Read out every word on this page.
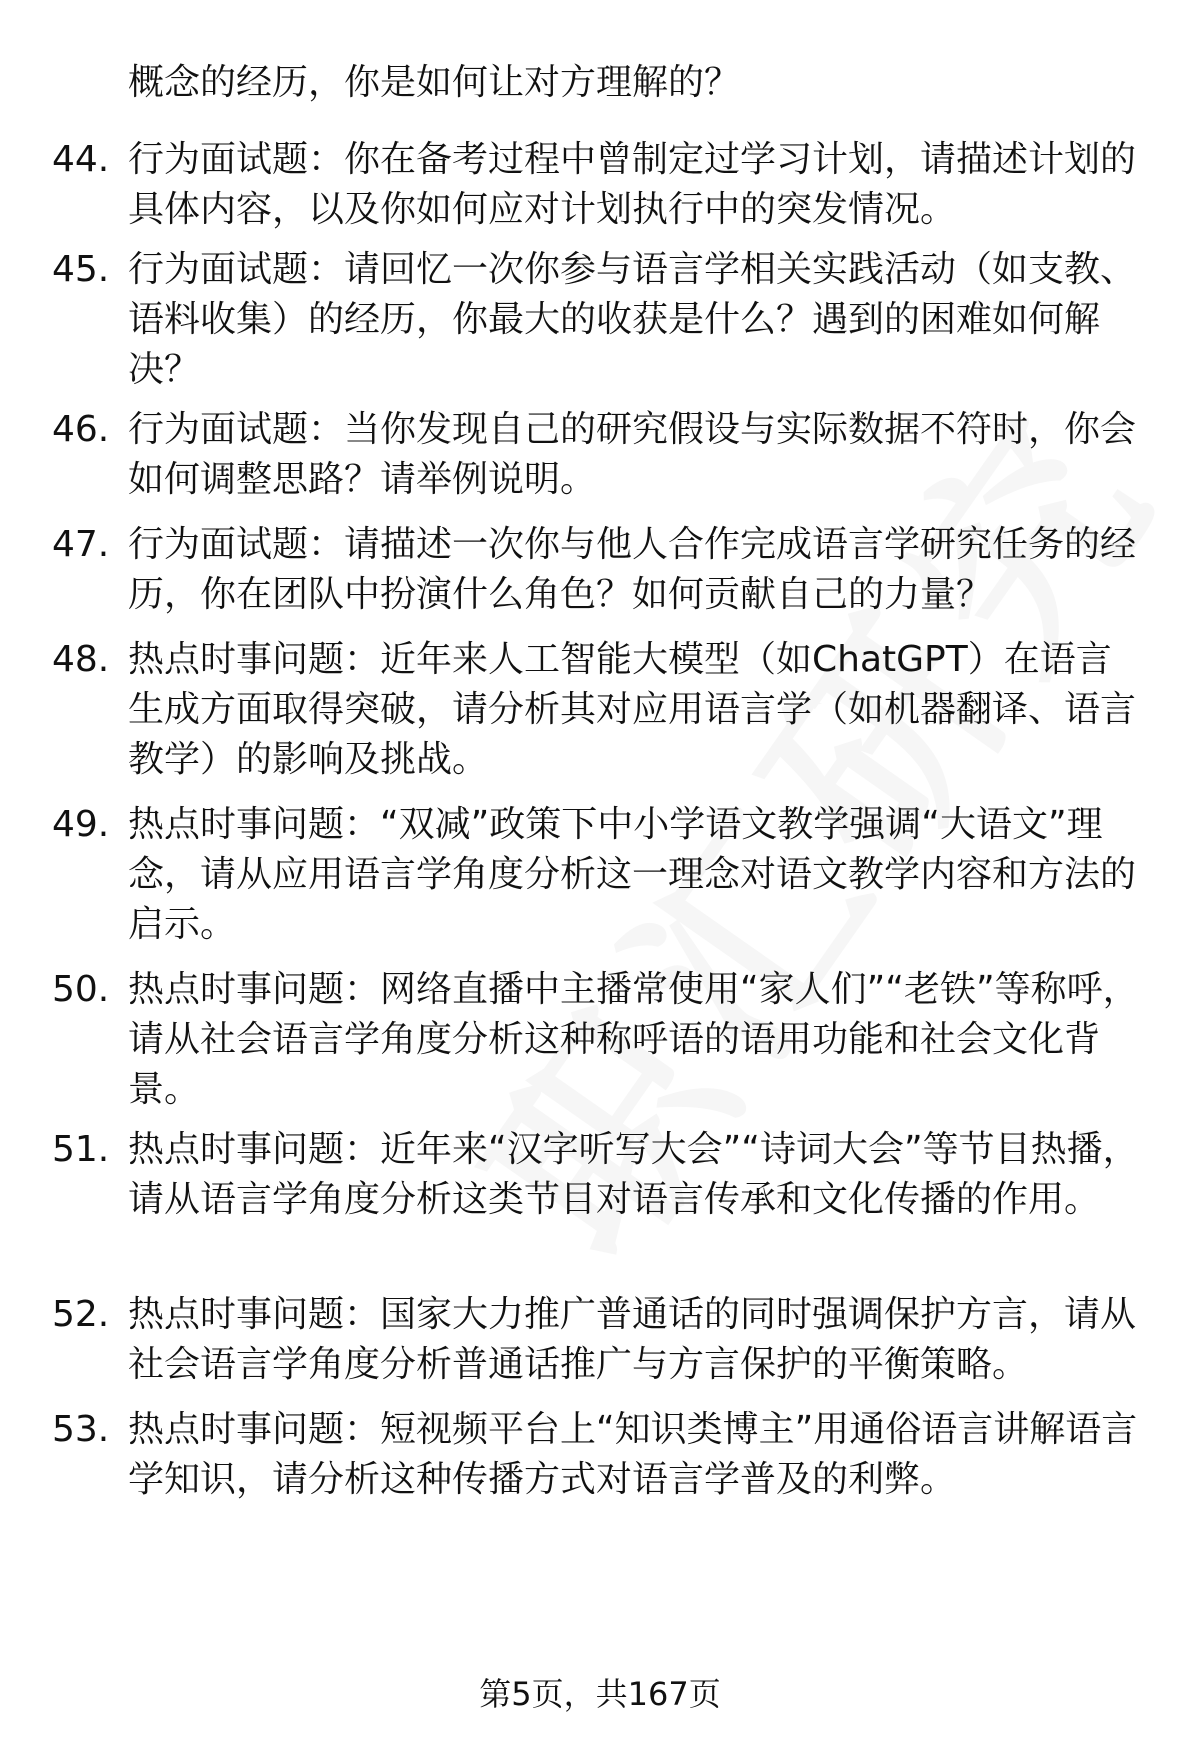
概念的经历，你是如何让对方理解的？
44. 行为面试题：你在备考过程中曾制定过学习计划，请描述计划的具体内容，以及你如何应对计划执行中的突发情况。
45. 行为面试题：请回忆一次你参与语言学相关实践活动（如支教、语料收集）的经历，你最大的收获是什么？遇到的困难如何解决？
46. 行为面试题：当你发现自己的研究假设与实际数据不符时，你会如何调整思路？请举例说明。
47. 行为面试题：请描述一次你与他人合作完成语言学研究任务的经历，你在团队中扮演什么角色？如何贡献自己的力量？
48. 热点时事问题：近年来人工智能大模型（如ChatGPT）在语言生成方面取得突破，请分析其对应用语言学（如机器翻译、语言教学）的影响及挑战。
49. 热点时事问题：“双减”政策下中小学语文教学强调“大语文”理念，请从应用语言学角度分析这一理念对语文教学内容和方法的启示。
50. 热点时事问题：网络直播中主播常使用“家人们”“老铁”等称呼，请从社会语言学角度分析这种称呼语的语用功能和社会文化背景。
51. 热点时事问题：近年来“汉字听写大会”“诗词大会”等节目热播，请从语言学角度分析这类节目对语言传承和文化传播的作用。
52. 热点时事问题：国家大力推广普通话的同时强调保护方言，请从社会语言学角度分析普通话推广与方言保护的平衡策略。
53. 热点时事问题：短视频平台上“知识类博主”用通俗语言讲解语言学知识，请分析这种传播方式对语言学普及的利弊。
第5页，共167页
